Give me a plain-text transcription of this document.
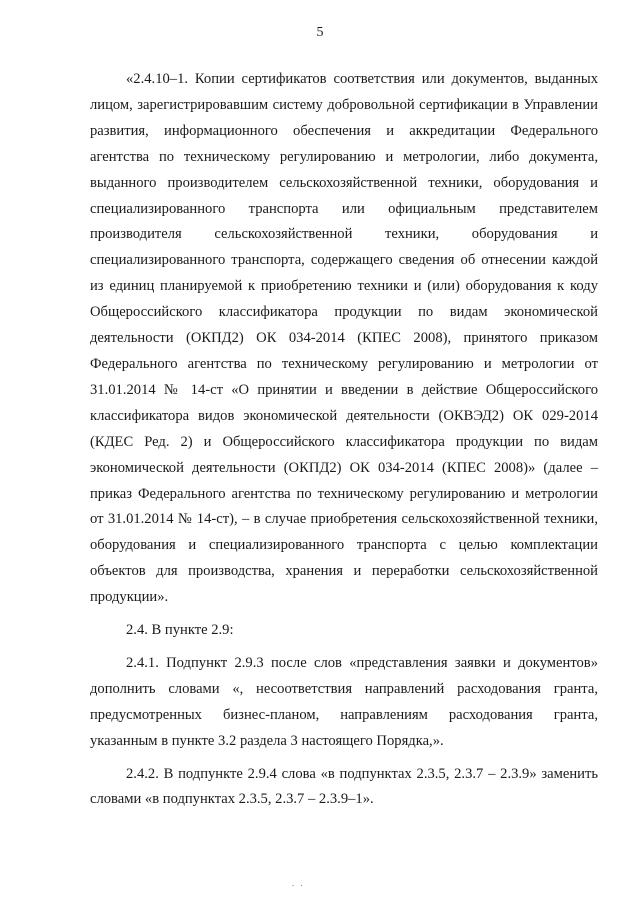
5

«2.4.10–1. Копии сертификатов соответствия или документов, выданных лицом, зарегистрировавшим систему добровольной сертификации в Управлении развития, информационного обеспечения и аккредитации Федерального агентства по техническому регулированию и метрологии, либо документа, выданного производителем сельскохозяйственной техники, оборудования и специализированного транспорта или официальным представителем производителя сельскохозяйственной техники, оборудования и специализированного транспорта, содержащего сведения об отнесении каждой из единиц планируемой к приобретению техники и (или) оборудования к коду Общероссийского классификатора продукции по видам экономической деятельности (ОКПД2) ОК 034-2014 (КПЕС 2008), принятого приказом Федерального агентства по техническому регулированию и метрологии от 31.01.2014 № 14-ст «О принятии и введении в действие Общероссийского классификатора видов экономической деятельности (ОКВЭД2) ОК 029-2014 (КДЕС Ред. 2) и Общероссийского классификатора продукции по видам экономической деятельности (ОКПД2) ОК 034-2014 (КПЕС 2008)» (далее – приказ Федерального агентства по техническому регулированию и метрологии от 31.01.2014 № 14-ст), – в случае приобретения сельскохозяйственной техники, оборудования и специализированного транспорта с целью комплектации объектов для производства, хранения и переработки сельскохозяйственной продукции».

2.4. В пункте 2.9:

2.4.1. Подпункт 2.9.3 после слов «представления заявки и документов» дополнить словами «, несоответствия направлений расходования гранта, предусмотренных бизнес-планом, направлениям расходования гранта, указанным в пункте 3.2 раздела 3 настоящего Порядка,».

2.4.2. В подпункте 2.9.4 слова «в подпунктах 2.3.5, 2.3.7 – 2.3.9» заменить словами «в подпунктах 2.3.5, 2.3.7 – 2.3.9–1».

. .
